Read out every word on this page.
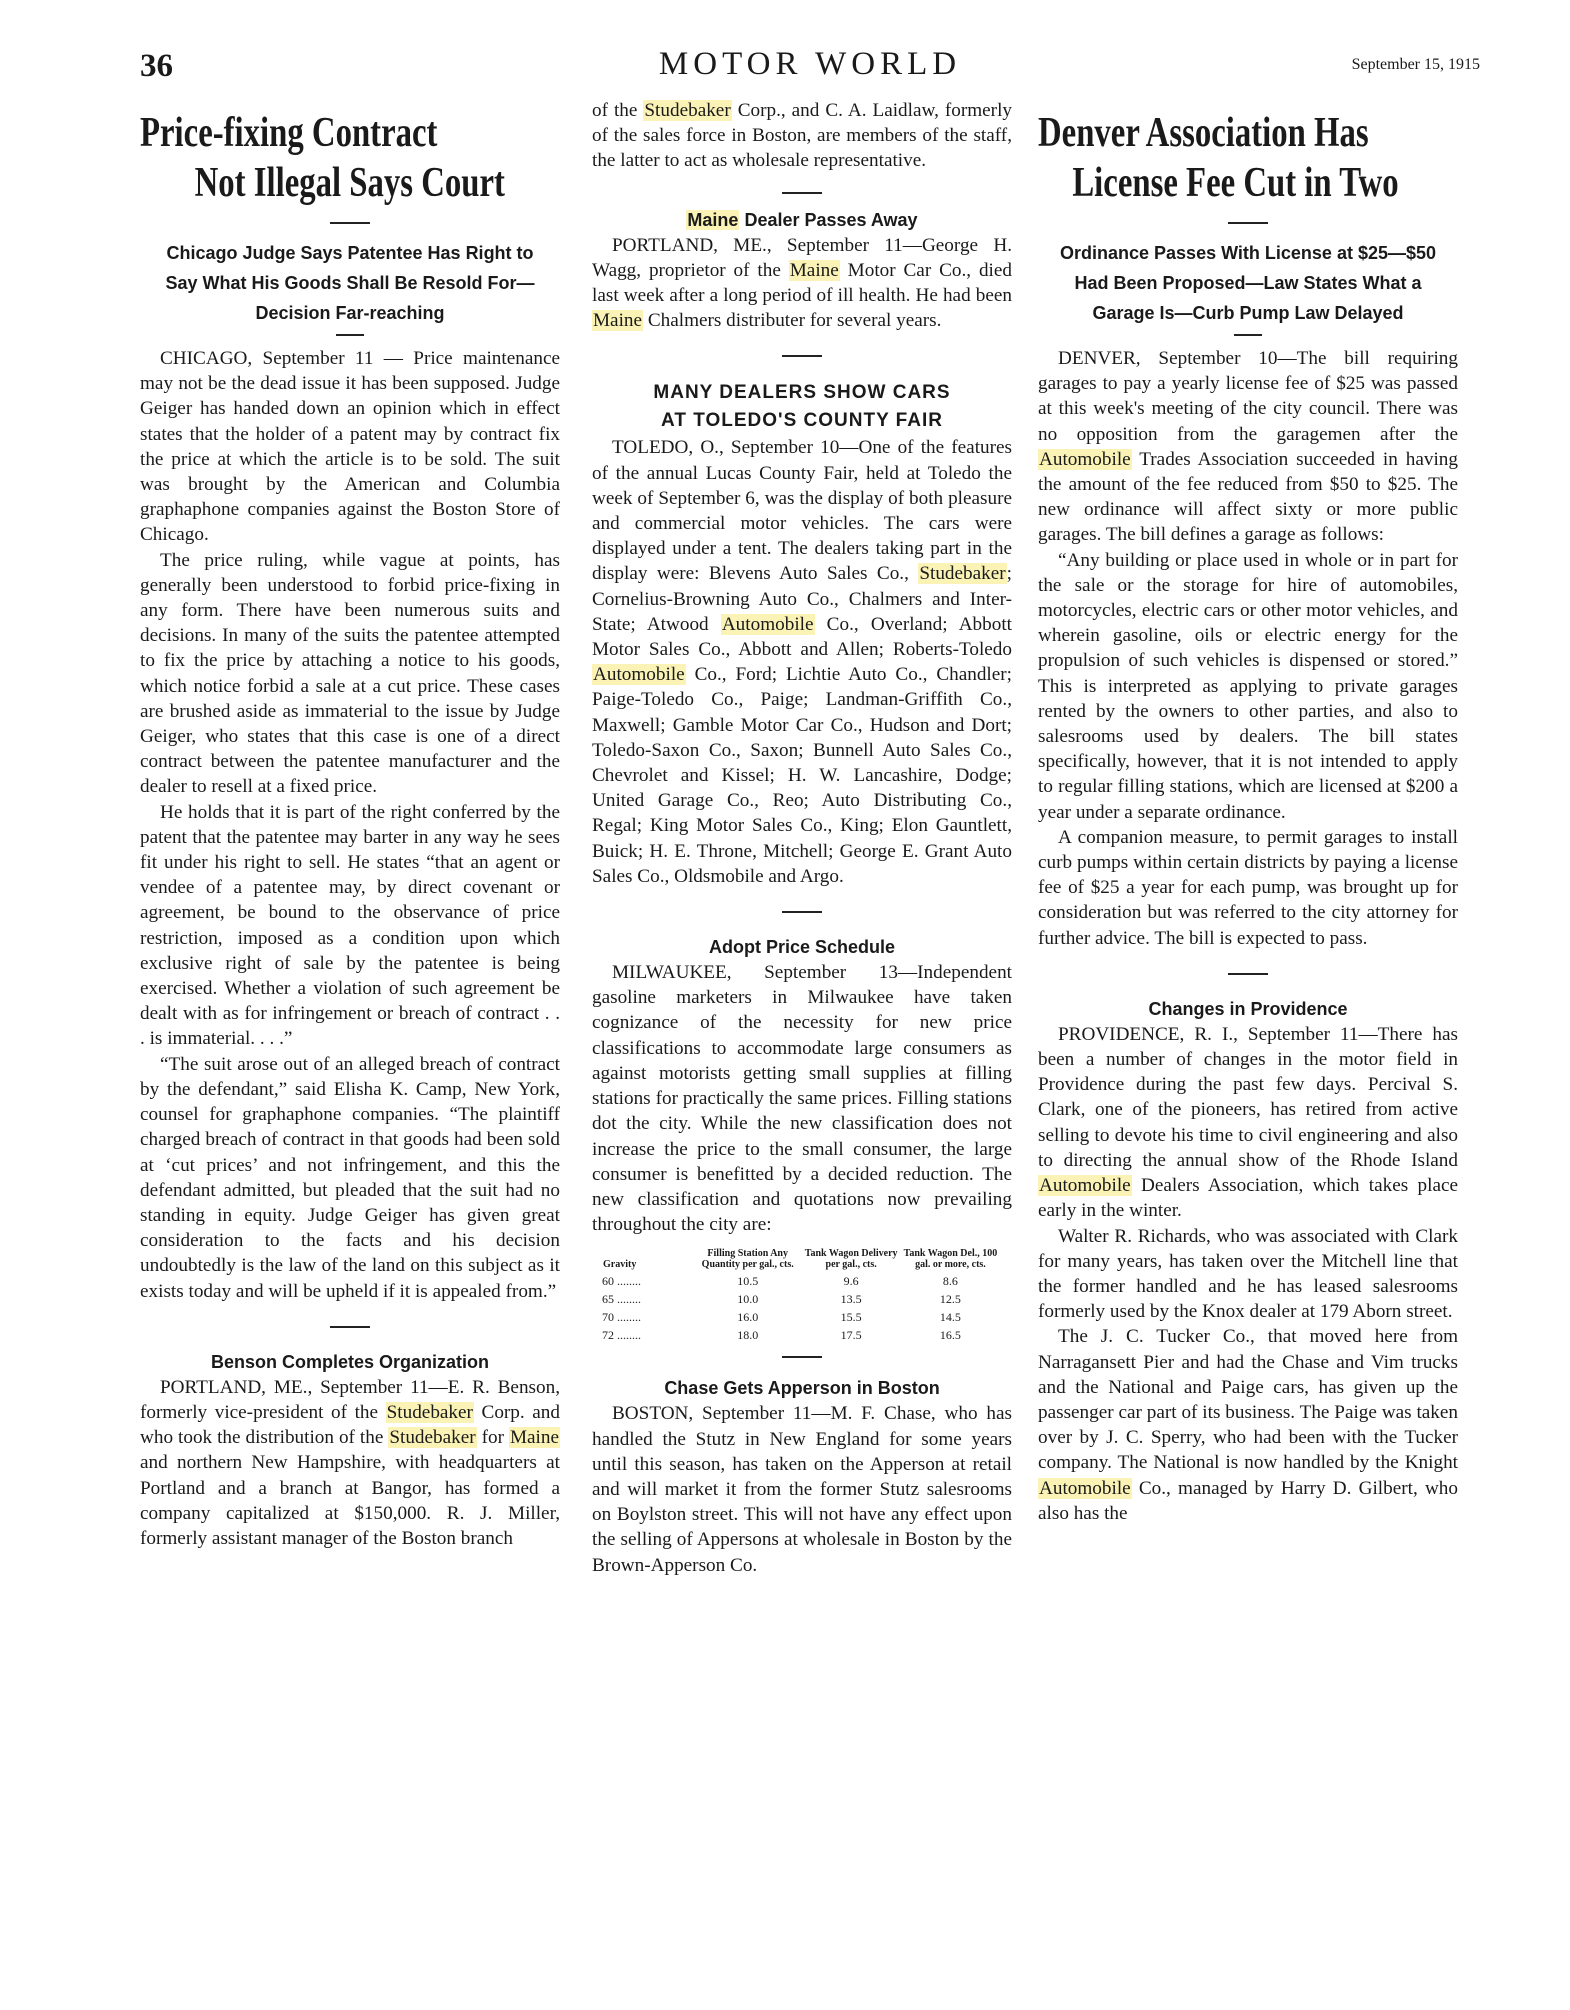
36	MOTOR WORLD	September 15, 1915
Price-fixing Contract
Not Illegal Says Court
Chicago Judge Says Patentee Has Right to Say What His Goods Shall Be Resold For—Decision Far-reaching

CHICAGO, September 11 — Price maintenance may not be the dead issue it has been supposed. Judge Geiger has handed down an opinion which in effect states that the holder of a patent may by contract fix the price at which the article is to be sold. The suit was brought by the American and Columbia graphaphone companies against the Boston Store of Chicago.

The price ruling, while vague at points, has generally been understood to forbid price-fixing in any form. There have been numerous suits and decisions. In many of the suits the patentee attempted to fix the price by attaching a notice to his goods, which notice forbid a sale at a cut price. These cases are brushed aside as immaterial to the issue by Judge Geiger, who states that this case is one of a direct contract between the patentee manufacturer and the dealer to resell at a fixed price.

He holds that it is part of the right conferred by the patent that the patentee may barter in any way he sees fit under his right to sell. He states “that an agent or vendee of a patentee may, by direct covenant or agreement, be bound to the observance of price restriction, imposed as a condition upon which exclusive right of sale by the patentee is being exercised. Whether a violation of such agreement be dealt with as for infringement or breach of contract . . . is immaterial. . . .”

“The suit arose out of an alleged breach of contract by the defendant,” said Elisha K. Camp, New York, counsel for graphaphone companies. “The plaintiff charged breach of contract in that goods had been sold at ‘cut prices’ and not infringement, and this the defendant admitted, but pleaded that the suit had no standing in equity. Judge Geiger has given great consideration to the facts and his decision undoubtedly is the law of the land on this subject as it exists today and will be upheld if it is appealed from.”

Benson Completes Organization

PORTLAND, ME., September 11—E. R. Benson, formerly vice-president of the Studebaker Corp. and who took the distribution of the Studebaker for Maine and northern New Hampshire, with headquarters at Portland and a branch at Bangor, has formed a company capitalized at $150,000. R. J. Miller, formerly assistant manager of the Boston branch

of the Studebaker Corp., and C. A. Laidlaw, formerly of the sales force in Boston, are members of the staff, the latter to act as wholesale representative.

Maine Dealer Passes Away

PORTLAND, ME., September 11—George H. Wagg, proprietor of the Maine Motor Car Co., died last week after a long period of ill health. He had been Maine Chalmers distributer for several years.

MANY DEALERS SHOW CARS
AT TOLEDO'S COUNTY FAIR

TOLEDO, O., September 10—One of the features of the annual Lucas County Fair, held at Toledo the week of September 6, was the display of both pleasure and commercial motor vehicles. The cars were displayed under a tent. The dealers taking part in the display were: Blevens Auto Sales Co., Studebaker; Cornelius-Browning Auto Co., Chalmers and Inter-State; Atwood Automobile Co., Overland; Abbott Motor Sales Co., Abbott and Allen; Roberts-Toledo Automobile Co., Ford; Lichtie Auto Co., Chandler; Paige-Toledo Co., Paige; Landman-Griffith Co., Maxwell; Gamble Motor Car Co., Hudson and Dort; Toledo-Saxon Co., Saxon; Bunnell Auto Sales Co., Chevrolet and Kissel; H. W. Lancashire, Dodge; United Garage Co., Reo; Auto Distributing Co., Regal; King Motor Sales Co., King; Elon Gauntlett, Buick; H. E. Throne, Mitchell; George E. Grant Auto Sales Co., Oldsmobile and Argo.

Adopt Price Schedule

MILWAUKEE, September 13—Independent gasoline marketers in Milwaukee have taken cognizance of the necessity for new price classifications to accommodate large consumers as against motorists getting small supplies at filling stations for practically the same prices. Filling stations dot the city. While the new classification does not increase the price to the small consumer, the large consumer is benefitted by a decided reduction. The new classification and quotations now prevailing throughout the city are:

Gravity	Filling Station Any Quantity per gal., cts.	Tank Wagon Delivery per gal., cts.	Tank Wagon Del., 100 gal. or more, cts.
60 ........	10.5	9.6	8.6
65 ........	10.0	13.5	12.5
70 ........	16.0	15.5	14.5
72 ........	18.0	17.5	16.5
Chase Gets Apperson in Boston

BOSTON, September 11—M. F. Chase, who has handled the Stutz in New England for some years until this season, has taken on the Apperson at retail and will market it from the former Stutz salesrooms on Boylston street. This will not have any effect upon the selling of Appersons at wholesale in Boston by the Brown-Apperson Co.

Denver Association Has
License Fee Cut in Two
Ordinance Passes With License at $25—$50 Had Been Proposed—Law States What a Garage Is—Curb Pump Law Delayed

DENVER, September 10—The bill requiring garages to pay a yearly license fee of $25 was passed at this week's meeting of the city council. There was no opposition from the garagemen after the Automobile Trades Association succeeded in having the amount of the fee reduced from $50 to $25. The new ordinance will affect sixty or more public garages. The bill defines a garage as follows:

“Any building or place used in whole or in part for the sale or the storage for hire of automobiles, motorcycles, electric cars or other motor vehicles, and wherein gasoline, oils or electric energy for the propulsion of such vehicles is dispensed or stored.” This is interpreted as applying to private garages rented by the owners to other parties, and also to salesrooms used by dealers. The bill states specifically, however, that it is not intended to apply to regular filling stations, which are licensed at $200 a year under a separate ordinance.

A companion measure, to permit garages to install curb pumps within certain districts by paying a license fee of $25 a year for each pump, was brought up for consideration but was referred to the city attorney for further advice. The bill is expected to pass.

Changes in Providence

PROVIDENCE, R. I., September 11—There has been a number of changes in the motor field in Providence during the past few days. Percival S. Clark, one of the pioneers, has retired from active selling to devote his time to civil engineering and also to directing the annual show of the Rhode Island Automobile Dealers Association, which takes place early in the winter.

Walter R. Richards, who was associated with Clark for many years, has taken over the Mitchell line that the former handled and he has leased salesrooms formerly used by the Knox dealer at 179 Aborn street.

The J. C. Tucker Co., that moved here from Narragansett Pier and had the Chase and Vim trucks and the National and Paige cars, has given up the passenger car part of its business. The Paige was taken over by J. C. Sperry, who had been with the Tucker company. The National is now handled by the Knight Automobile Co., managed by Harry D. Gilbert, who also has the
